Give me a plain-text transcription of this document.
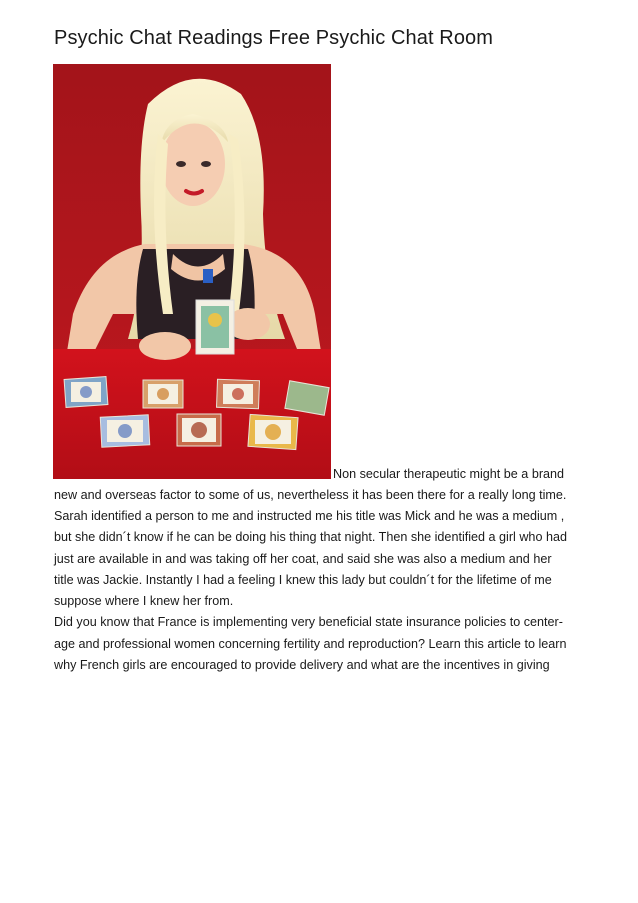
Psychic Chat Readings Free Psychic Chat Room
Non secular therapeutic might be a brand
new and overseas factor to some of us, nevertheless it has been there for a really long time.
Sarah identified a person to me and instructed me his title was Mick and he was a medium ,
but she didn´t know if he can be doing his thing that night. Then she identified a girl who had
just are available in and was taking off her coat, and said she was also a medium and her
title was Jackie. Instantly I had a feeling I knew this lady but couldn´t for the lifetime of me
suppose where I knew her from.
Did you know that France is implementing very beneficial state insurance policies to center-
age and professional women concerning fertility and reproduction? Learn this article to learn
why French girls are encouraged to provide delivery and what are the incentives in giving
